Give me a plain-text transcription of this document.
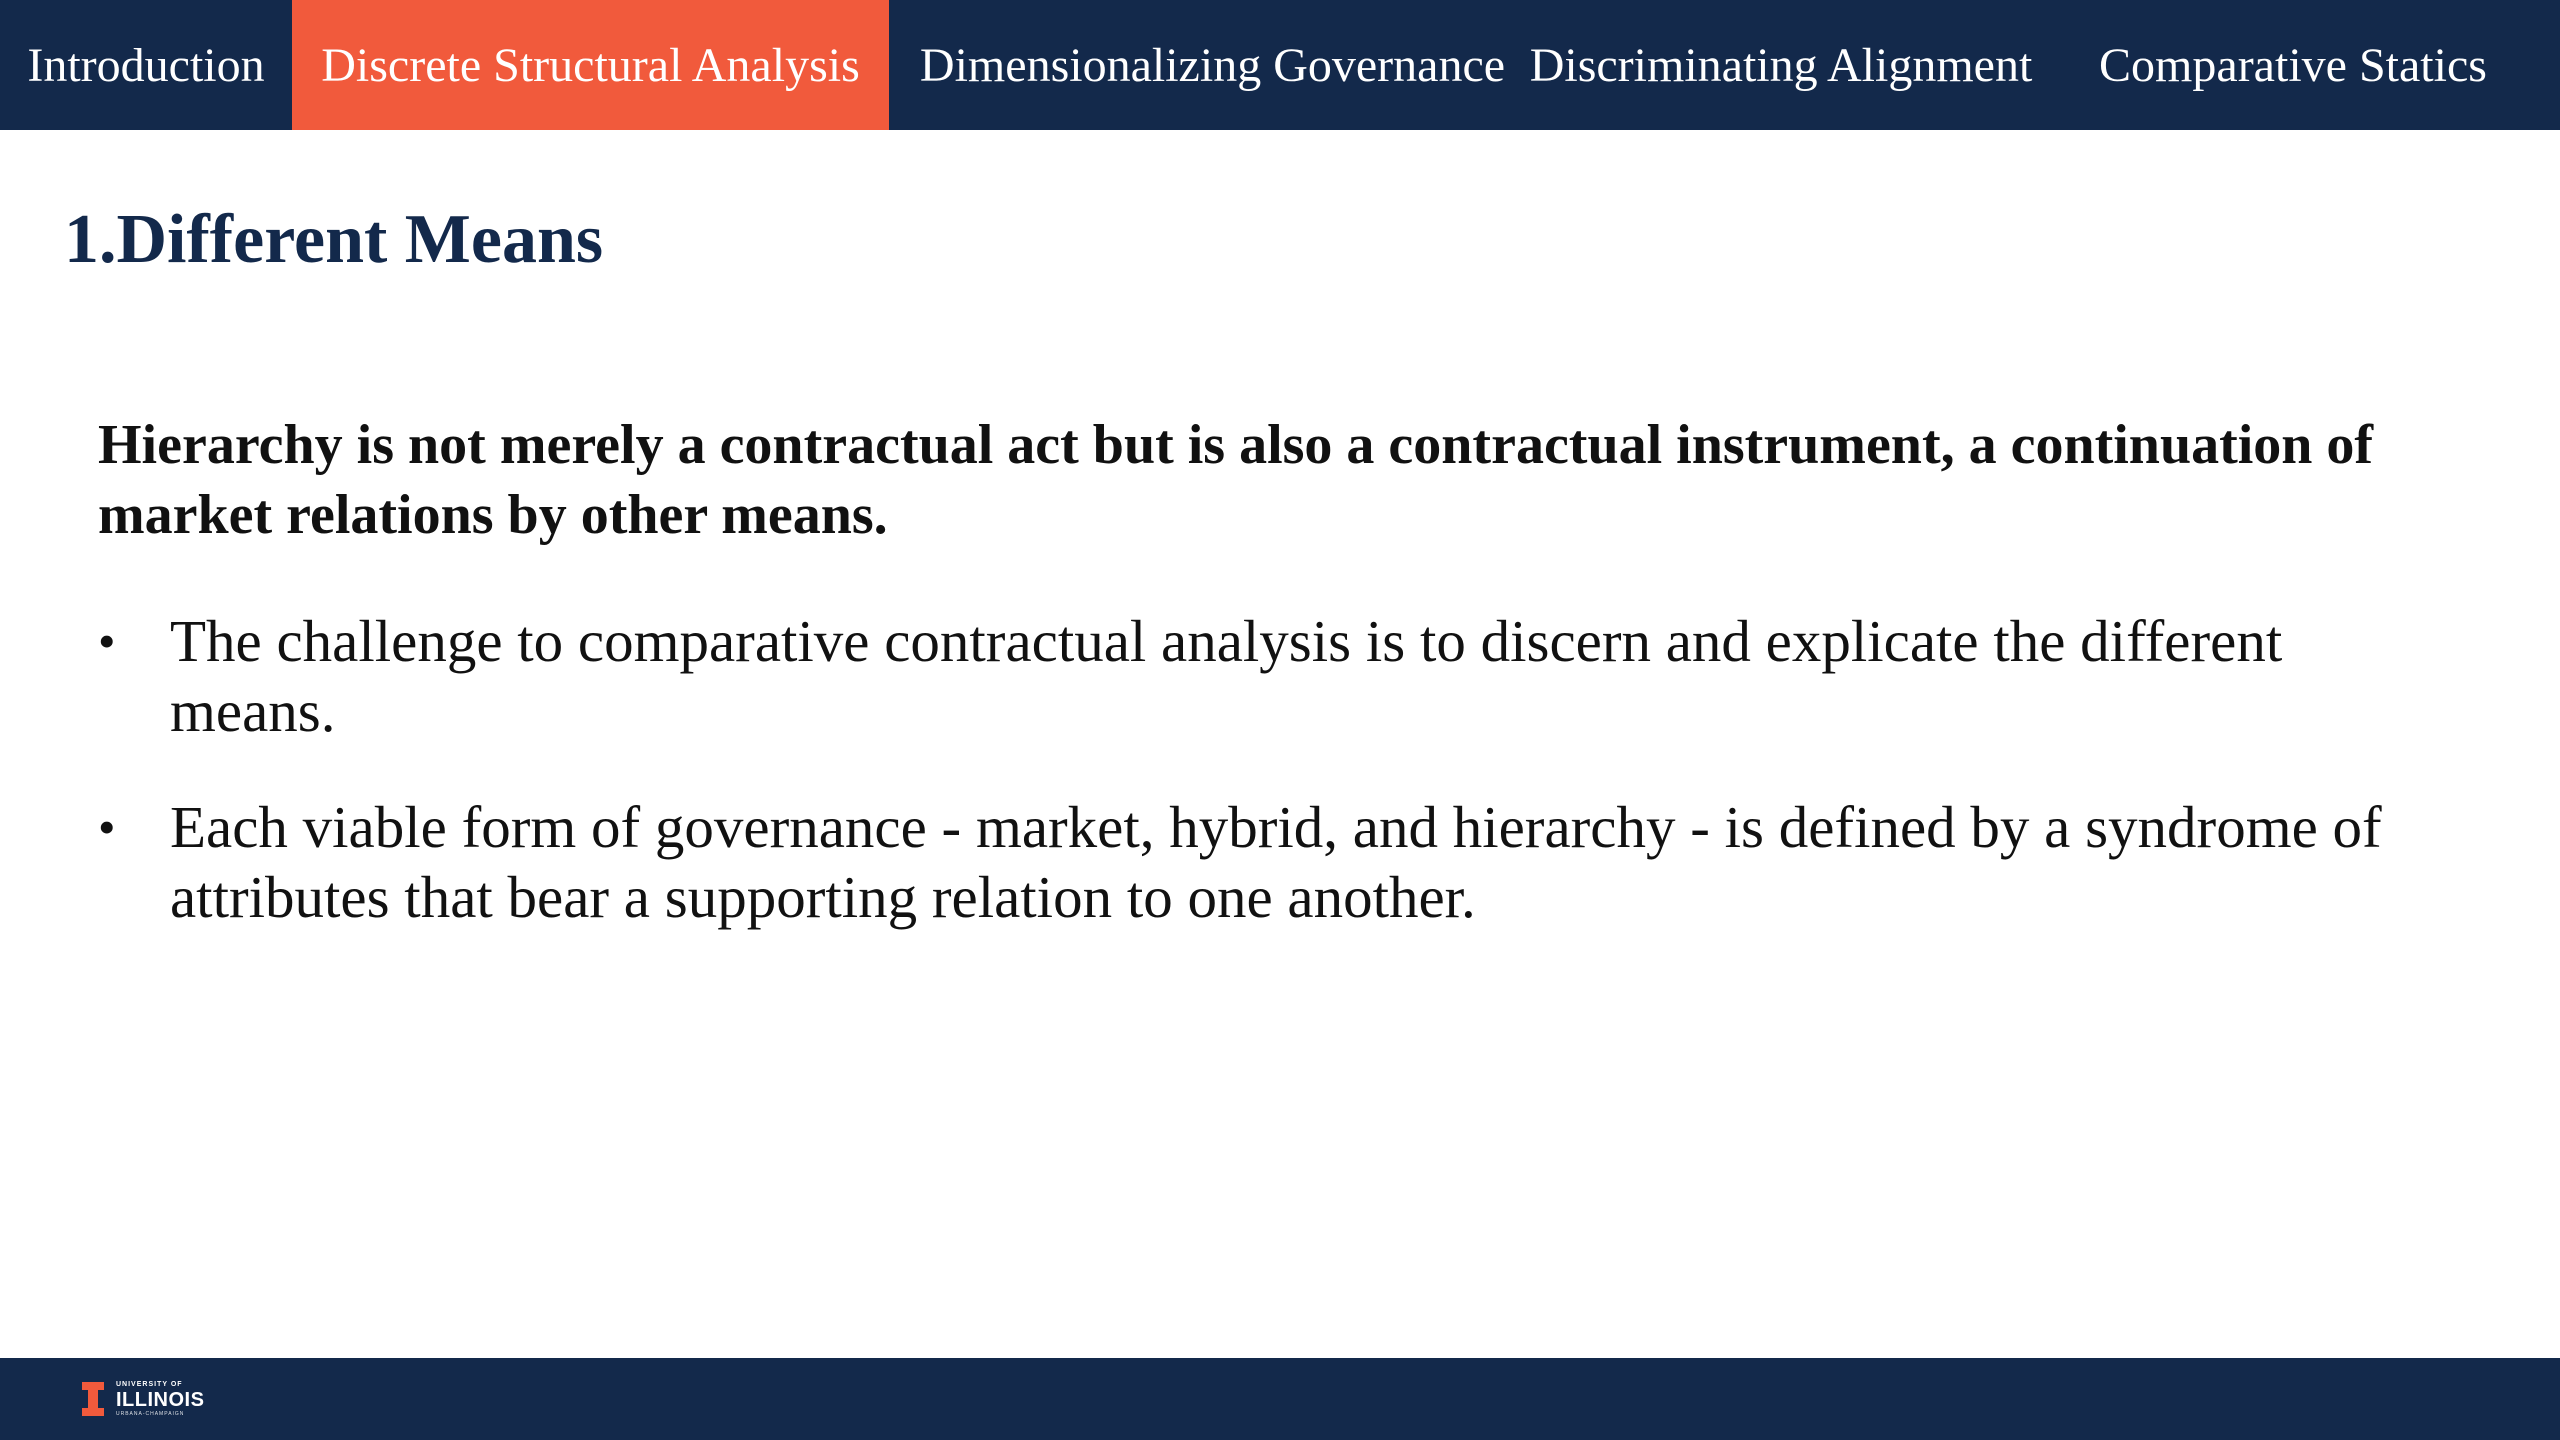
Introduction	Discrete Structural Analysis	Dimensionalizing Governance Discriminating Alignment	Comparative Statics
1.Different Means

Hierarchy is not merely a contractual act but is also a contractual instrument, a continuation of market relations by other means.

• The challenge to comparative contractual analysis is to discern and explicate the different means.
• Each viable form of governance - market, hybrid, and hierarchy - is defined by a syndrome of attributes that bear a supporting relation to one another.
UNIVERSITY OF
ILLINOIS
URBANA-CHAMPAIGN
